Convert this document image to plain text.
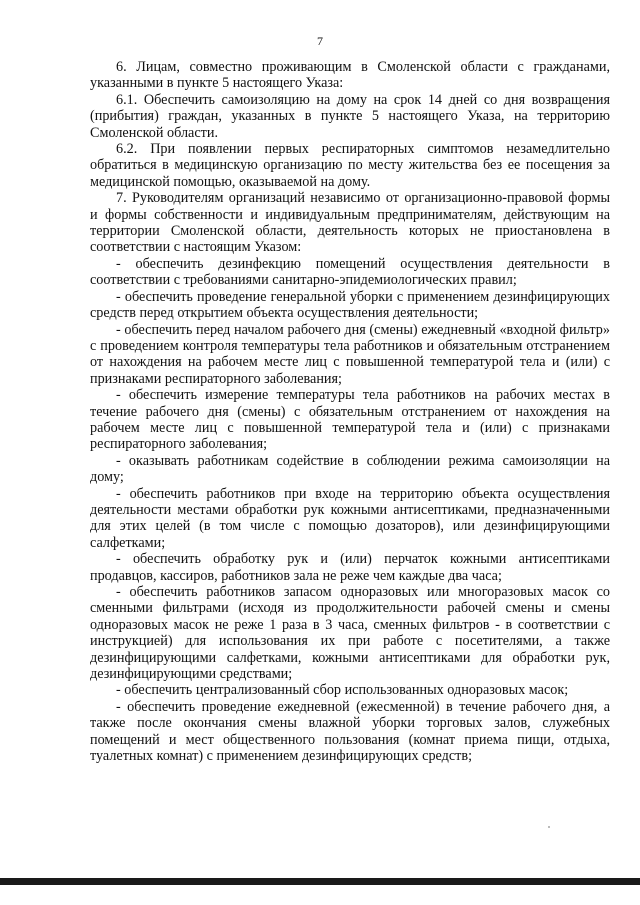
7

6. Лицам, совместно проживающим в Смоленской области с гражданами, указанными в пункте 5 настоящего Указа:

6.1. Обеспечить самоизоляцию на дому на срок 14 дней со дня возвращения (прибытия) граждан, указанных в пункте 5 настоящего Указа, на территорию Смоленской области.

6.2. При появлении первых респираторных симптомов незамедлительно обратиться в медицинскую организацию по месту жительства без ее посещения за медицинской помощью, оказываемой на дому.

7. Руководителям организаций независимо от организационно-правовой формы и формы собственности и индивидуальным предпринимателям, действующим на территории Смоленской области, деятельность которых не приостановлена в соответствии с настоящим Указом:

- обеспечить дезинфекцию помещений осуществления деятельности в соответствии с требованиями санитарно-эпидемиологических правил;

- обеспечить проведение генеральной уборки с применением дезинфицирующих средств перед открытием объекта осуществления деятельности;

- обеспечить перед началом рабочего дня (смены) ежедневный «входной фильтр» с проведением контроля температуры тела работников и обязательным отстранением от нахождения на рабочем месте лиц с повышенной температурой тела и (или) с признаками респираторного заболевания;

- обеспечить измерение температуры тела работников на рабочих местах в течение рабочего дня (смены) с обязательным отстранением от нахождения на рабочем месте лиц с повышенной температурой тела и (или) с признаками респираторного заболевания;

- оказывать работникам содействие в соблюдении режима самоизоляции на дому;

- обеспечить работников при входе на территорию объекта осуществления деятельности местами обработки рук кожными антисептиками, предназначенными для этих целей (в том числе с помощью дозаторов), или дезинфицирующими салфетками;

- обеспечить обработку рук и (или) перчаток кожными антисептиками продавцов, кассиров, работников зала не реже чем каждые два часа;

- обеспечить работников запасом одноразовых или многоразовых масок со сменными фильтрами (исходя из продолжительности рабочей смены и смены одноразовых масок не реже 1 раза в 3 часа, сменных фильтров - в соответствии с инструкцией) для использования их при работе с посетителями, а также дезинфицирующими салфетками, кожными антисептиками для обработки рук, дезинфицирующими средствами;

- обеспечить централизованный сбор использованных одноразовых масок;

- обеспечить проведение ежедневной (ежесменной) в течение рабочего дня, а также после окончания смены влажной уборки торговых залов, служебных помещений и мест общественного пользования (комнат приема пищи, отдыха, туалетных комнат) с применением дезинфицирующих средств;
